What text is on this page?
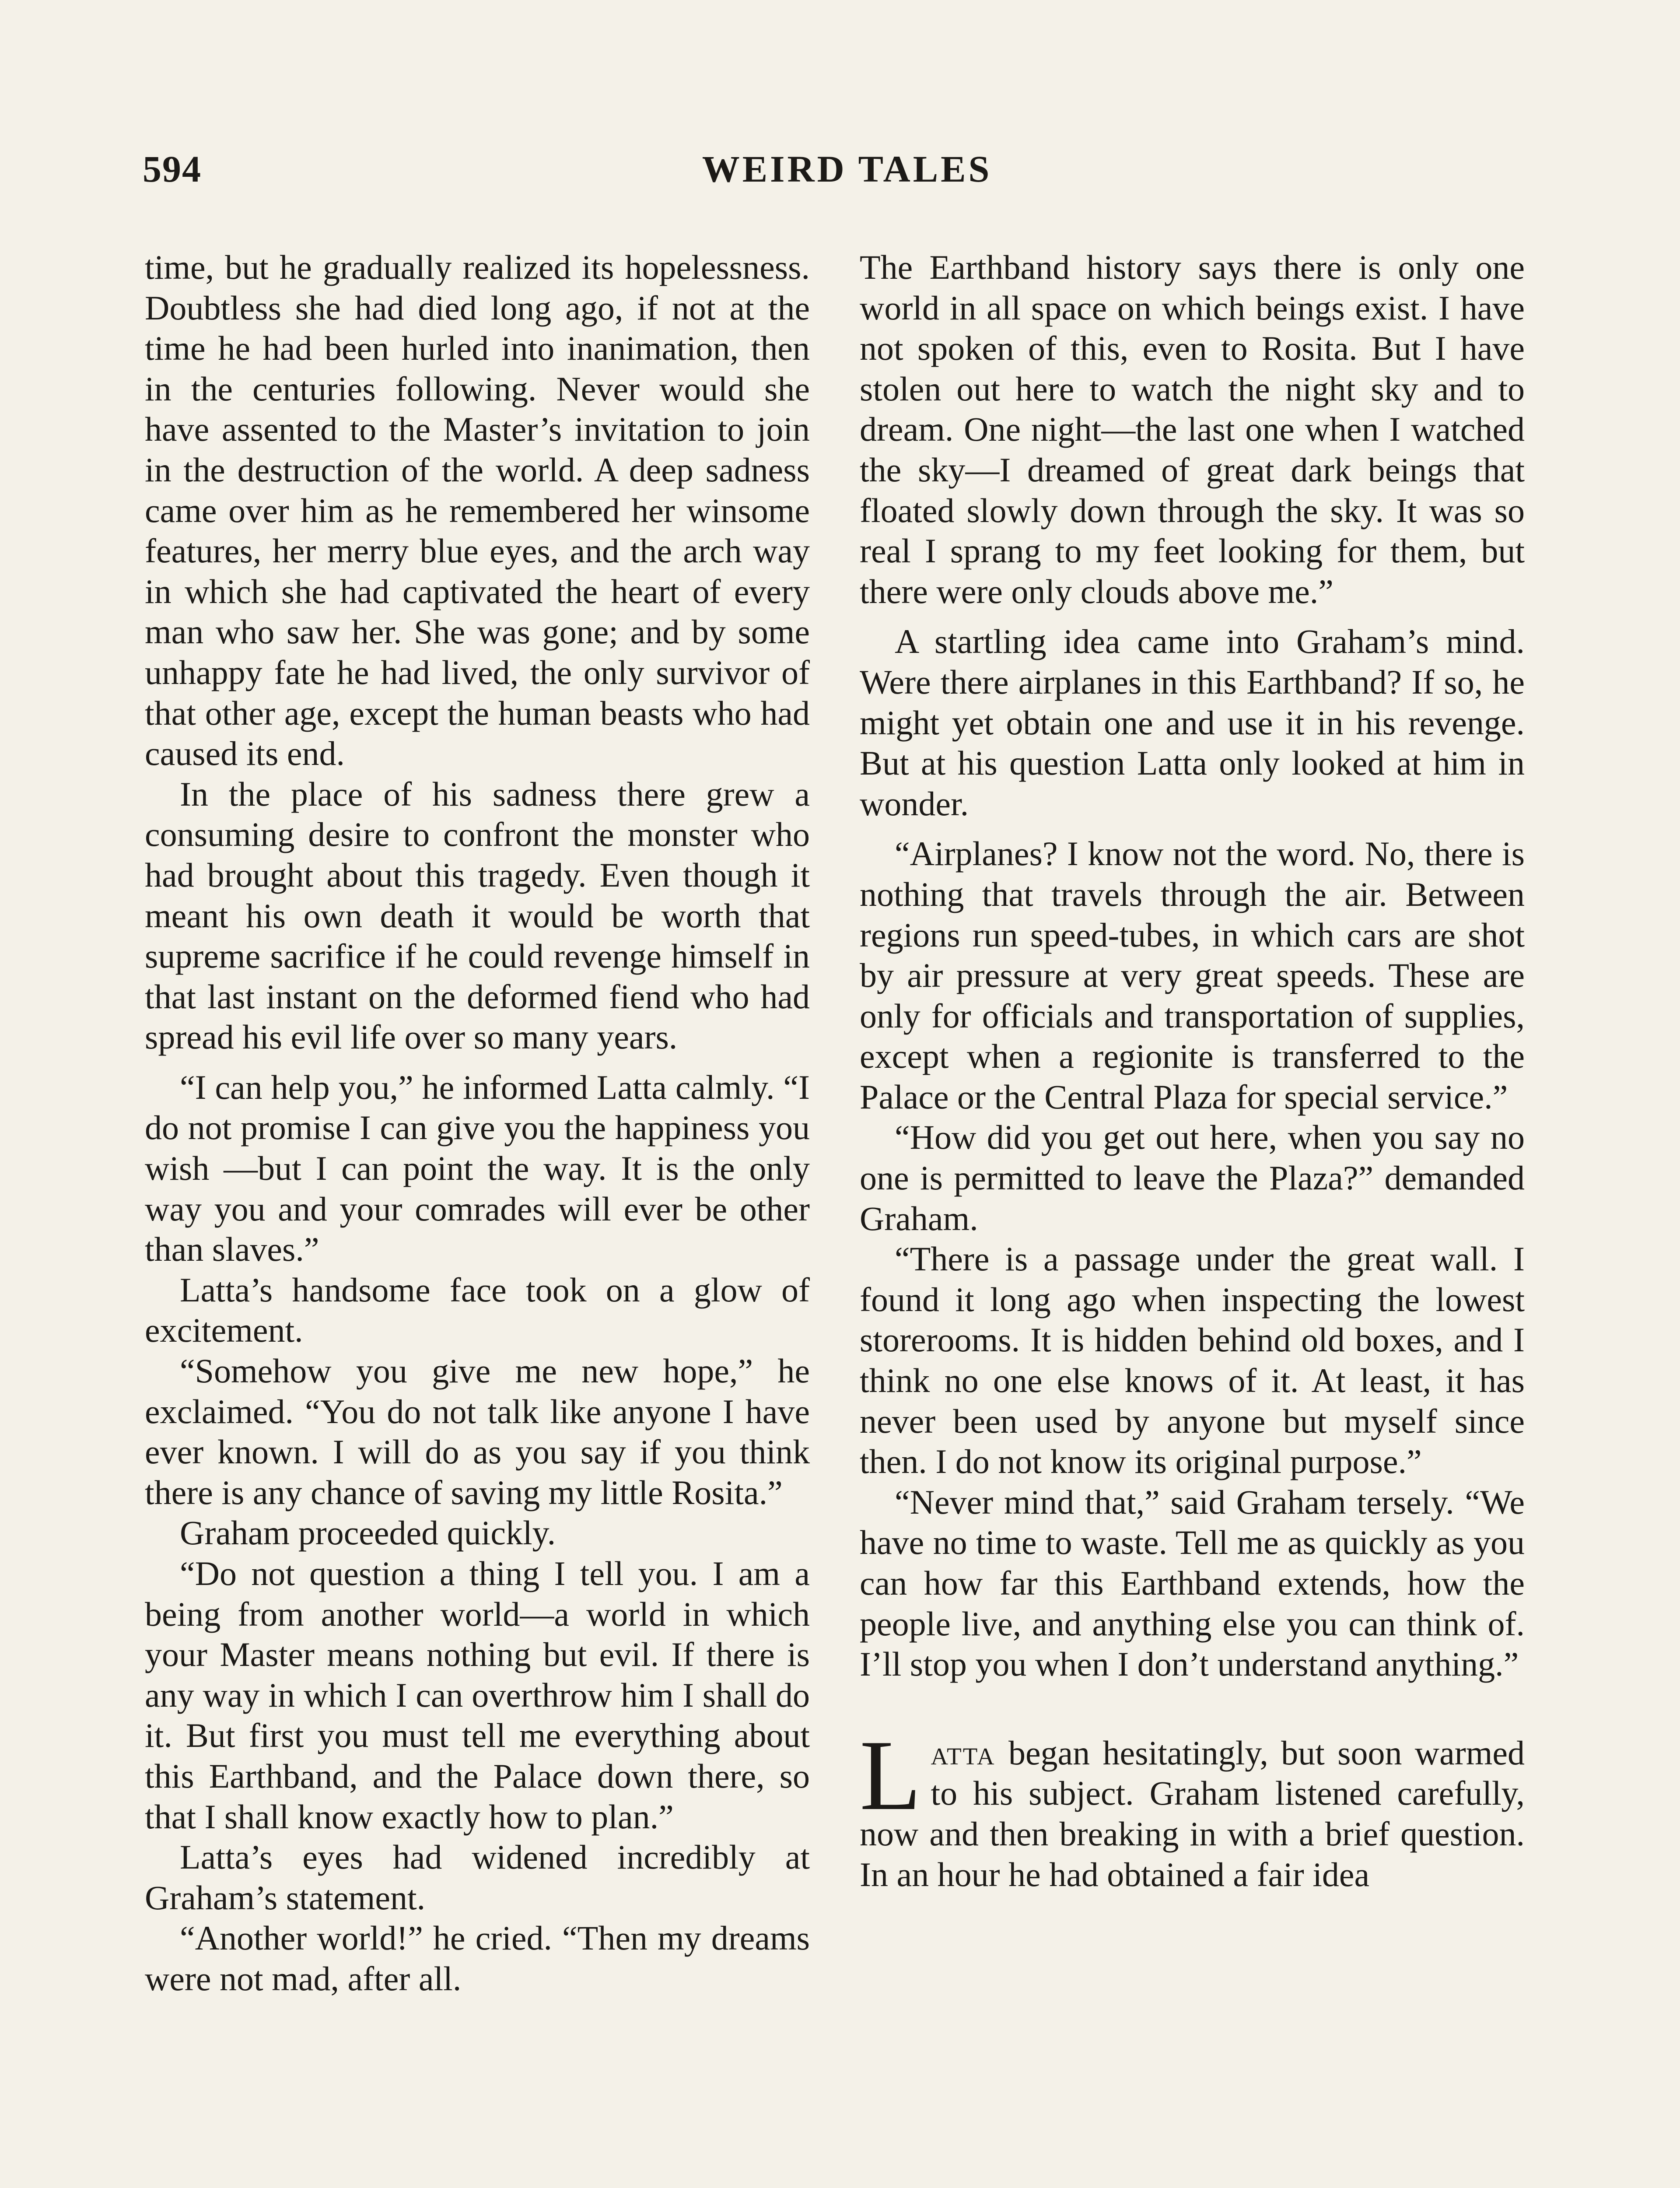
594	WEIRD TALES

time, but he gradually realized its hopelessness. Doubtless she had died long ago, if not at the time he had been hurled into inanimation, then in the centuries following. Never would she have assented to the Master’s invitation to join in the destruction of the world. A deep sadness came over him as he remembered her winsome features, her merry blue eyes, and the arch way in which she had captivated the heart of every man who saw her. She was gone; and by some unhappy fate he had lived, the only survivor of that other age, except the human beasts who had caused its end.

In the place of his sadness there grew a consuming desire to confront the monster who had brought about this tragedy. Even though it meant his own death it would be worth that supreme sacrifice if he could revenge himself in that last instant on the deformed fiend who had spread his evil life over so many years.

“I can help you,” he informed Latta calmly. “I do not promise I can give you the happiness you wish —but I can point the way. It is the only way you and your comrades will ever be other than slaves.”

Latta’s handsome face took on a glow of excitement.

“Somehow you give me new hope,” he exclaimed. “You do not talk like anyone I have ever known. I will do as you say if you think there is any chance of saving my little Rosita.”

Graham proceeded quickly.

“Do not question a thing I tell you. I am a being from another world—a world in which your Master means nothing but evil. If there is any way in which I can overthrow him I shall do it. But first you must tell me everything about this Earthband, and the Palace down there, so that I shall know exactly how to plan.”

Latta’s eyes had widened incredibly at Graham’s statement.

“Another world!” he cried. “Then my dreams were not mad, after all.

The Earthband history says there is only one world in all space on which beings exist. I have not spoken of this, even to Rosita. But I have stolen out here to watch the night sky and to dream. One night—the last one when I watched the sky—I dreamed of great dark beings that floated slowly down through the sky. It was so real I sprang to my feet looking for them, but there were only clouds above me.”

A startling idea came into Graham’s mind. Were there airplanes in this Earthband? If so, he might yet obtain one and use it in his revenge. But at his question Latta only looked at him in wonder.

“Airplanes? I know not the word. No, there is nothing that travels through the air. Between regions run speed-tubes, in which cars are shot by air pressure at very great speeds. These are only for officials and transportation of supplies, except when a regionite is transferred to the Palace or the Central Plaza for special service.”

“How did you get out here, when you say no one is permitted to leave the Plaza?” demanded Graham.

“There is a passage under the great wall. I found it long ago when inspecting the lowest storerooms. It is hidden behind old boxes, and I think no one else knows of it. At least, it has never been used by anyone but myself since then. I do not know its original purpose.”

“Never mind that,” said Graham tersely. “We have no time to waste. Tell me as quickly as you can how far this Earthband extends, how the people live, and anything else you can think of. I’ll stop you when I don’t understand anything.”

Latta began hesitatingly, but soon warmed to his subject. Graham listened carefully, now and then breaking in with a brief question. In an hour he had obtained a fair idea
